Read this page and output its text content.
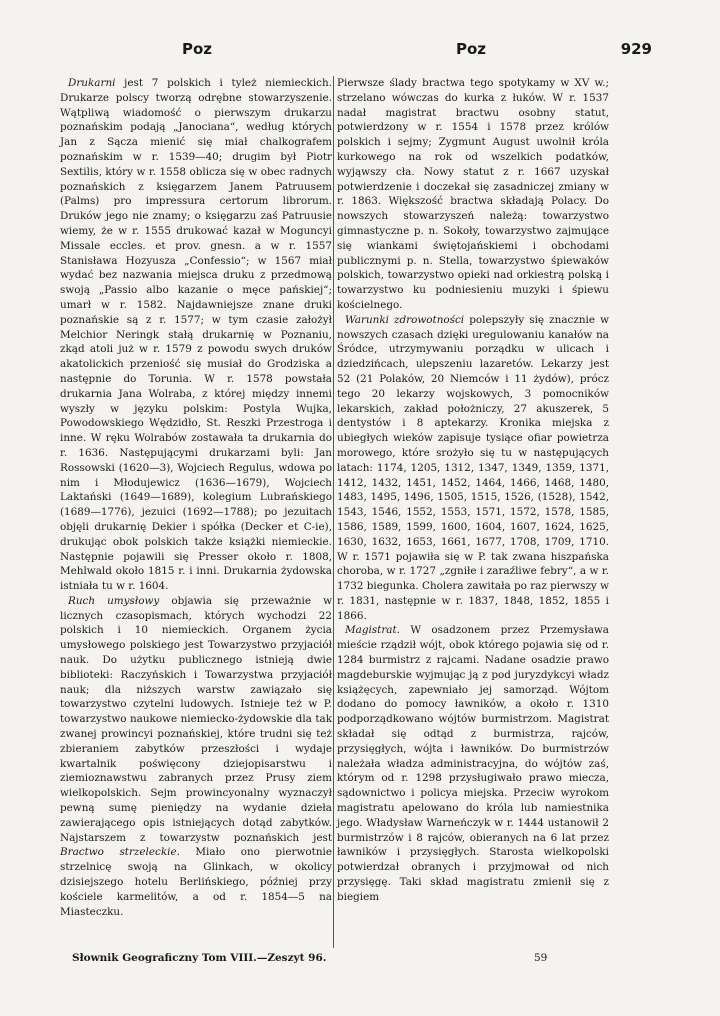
Poz	Poz	929

Drukarni jest 7 polskich i tyleż niemieckich. Drukarze polscy tworzą odrębne stowarzyszenie. Wątpliwą wiadomość o pierwszym drukarzu poznańskim podają „Janociana“, według których Jan z Sącza mienić się miał chalkografem poznańskim w r. 1539—40; drugim był Piotr Sextilis, który w r. 1558 oblicza się w obec radnych poznańskich z księgarzem Janem Patruusem (Palms) pro impressura certorum librorum. Druków jego nie znamy; o księgarzu zaś Patruusie wiemy, że w r. 1555 drukować kazał w Moguncyi Missale eccles. et prov. gnesn. a w r. 1557 Stanisława Hozyusza „Confessio“; w 1567 miał wydać bez nazwania miejsca druku z przedmową swoją „Passio albo kazanie o męce pańskiej“; umarł w r. 1582. Najdawniejsze znane druki poznańskie są z r. 1577; w tym czasie założył Melchior Neringk stałą drukarnię w Poznaniu, zkąd atoli już w r. 1579 z powodu swych druków akatolickich przeniość się musiał do Grodziska a następnie do Torunia. W r. 1578 powstała drukarnia Jana Wolraba, z której między innemi wyszły w języku polskim: Postyla Wujka, Powodowskiego Wędzidło, St. Reszki Przestroga i inne. W ręku Wolrabów zostawała ta drukarnia do r. 1636. Następującymi drukarzami byli: Jan Rossowski (1620—3), Wojciech Regulus, wdowa po nim i Młodujewicz (1636—1679), Wojciech Laktański (1649—1689), kolegium Lubrańskiego (1689—1776), jezuici (1692—1788); po jezuitach objęli drukarnię Dekier i spółka (Decker et C-ie), drukując obok polskich także książki niemieckie. Następnie pojawili się Presser około r. 1808, Mehlwald około 1815 r. i inni. Drukarnia żydowska istniała tu w r. 1604.

Ruch umysłowy objawia się przeważnie w licznych czasopismach, których wychodzi 22 polskich i 10 niemieckich. Organem życia umysłowego polskiego jest Towarzystwo przyjaciół nauk. Do użytku publicznego istnieją dwie biblioteki: Raczyńskich i Towarzystwa przyjaciół nauk; dla niższych warstw zawiązało się towarzystwo czytelni ludowych. Istnieje też w P. towarzystwo naukowe niemiecko-żydowskie dla tak zwanej prowincyi poznańskiej, które trudni się też zbieraniem zabytków przeszłości i wydaje kwartalnik poświęcony dziejopisarstwu i ziemioznawstwu zabranych przez Prusy ziem wielkopolskich. Sejm prowincyonalny wyznaczył pewną sumę pieniędzy na wydanie dzieła zawierającego opis istniejących dotąd zabytków. Najstarszem z towarzystw poznańskich jest Bractwo strzeleckie. Miało ono pierwotnie strzelnicę swoją na Glinkach, w okolicy dzisiejszego hotelu Berlińskiego, później przy kościele karmelitów, a od r. 1854—5 na Miasteczku.

Pierwsze ślady bractwa tego spotykamy w XV w.; strzelano wówczas do kurka z łuków. W r. 1537 nadał magistrat bractwu osobny statut, potwierdzony w r. 1554 i 1578 przez królów polskich i sejmy; Zygmunt August uwolnił króla kurkowego na rok od wszelkich podatków, wyjąwszy cła. Nowy statut z r. 1667 uzyskał potwierdzenie i doczekał się zasadniczej zmiany w r. 1863. Większość bractwa składają Polacy. Do nowszych stowarzyszeń należą: towarzystwo gimnastyczne p. n. Sokoły, towarzystwo zajmujące się wiankami świętojańskiemi i obchodami publicznymi p. n. Stella, towarzystwo śpiewaków polskich, towarzystwo opieki nad orkiestrą polską i towarzystwo ku podniesieniu muzyki i śpiewu kościelnego.

Warunki zdrowotności polepszyły się znacznie w nowszych czasach dzięki uregulowaniu kanałów na Śródce, utrzymywaniu porządku w ulicach i dziedzińcach, ulepszeniu lazaretów. Lekarzy jest 52 (21 Polaków, 20 Niemców i 11 żydów), prócz tego 20 lekarzy wojskowych, 3 pomocników lekarskich, zakład położniczy, 27 akuszerek, 5 dentystów i 8 aptekarzy. Kronika miejska z ubiegłych wieków zapisuje tysiące ofiar powietrza morowego, które srożyło się tu w następujących latach: 1174, 1205, 1312, 1347, 1349, 1359, 1371, 1412, 1432, 1451, 1452, 1464, 1466, 1468, 1480, 1483, 1495, 1496, 1505, 1515, 1526, (1528), 1542, 1543, 1546, 1552, 1553, 1571, 1572, 1578, 1585, 1586, 1589, 1599, 1600, 1604, 1607, 1624, 1625, 1630, 1632, 1653, 1661, 1677, 1708, 1709, 1710. W r. 1571 pojawiła się w P. tak zwana hiszpańska choroba, w r. 1727 „zgniłe i zaraźliwe febry“, a w r. 1732 biegunka. Cholera zawitała po raz pierwszy w r. 1831, następnie w r. 1837, 1848, 1852, 1855 i 1866.

Magistrat. W osadzonem przez Przemysława mieście rządził wójt, obok którego pojawia się od r. 1284 burmistrz z rajcami. Nadane osadzie prawo magdeburskie wyjmując ją z pod juryzdykcyi władz książęcych, zapewniało jej samorząd. Wójtom dodano do pomocy ławników, a około r. 1310 podporządkowano wójtów burmistrzom. Magistrat składał się odtąd z burmistrza, rajców, przysięgłych, wójta i ławników. Do burmistrzów należała władza administracyjna, do wójtów zaś, którym od r. 1298 przysługiwało prawo miecza, sądownictwo i policya miejska. Przeciw wyrokom magistratu apelowano do króla lub namiestnika jego. Władysław Warneńczyk w r. 1444 ustanowił 2 burmistrzów i 8 rajców, obieranych na 6 lat przez ławników i przysięgłych. Starosta wielkopolski potwierdzał obranych i przyjmował od nich przysięgę. Taki skład magistratu zmienił się z biegiem

Słownik Geograficzny Tom VIII.—Zeszyt 96.	59
